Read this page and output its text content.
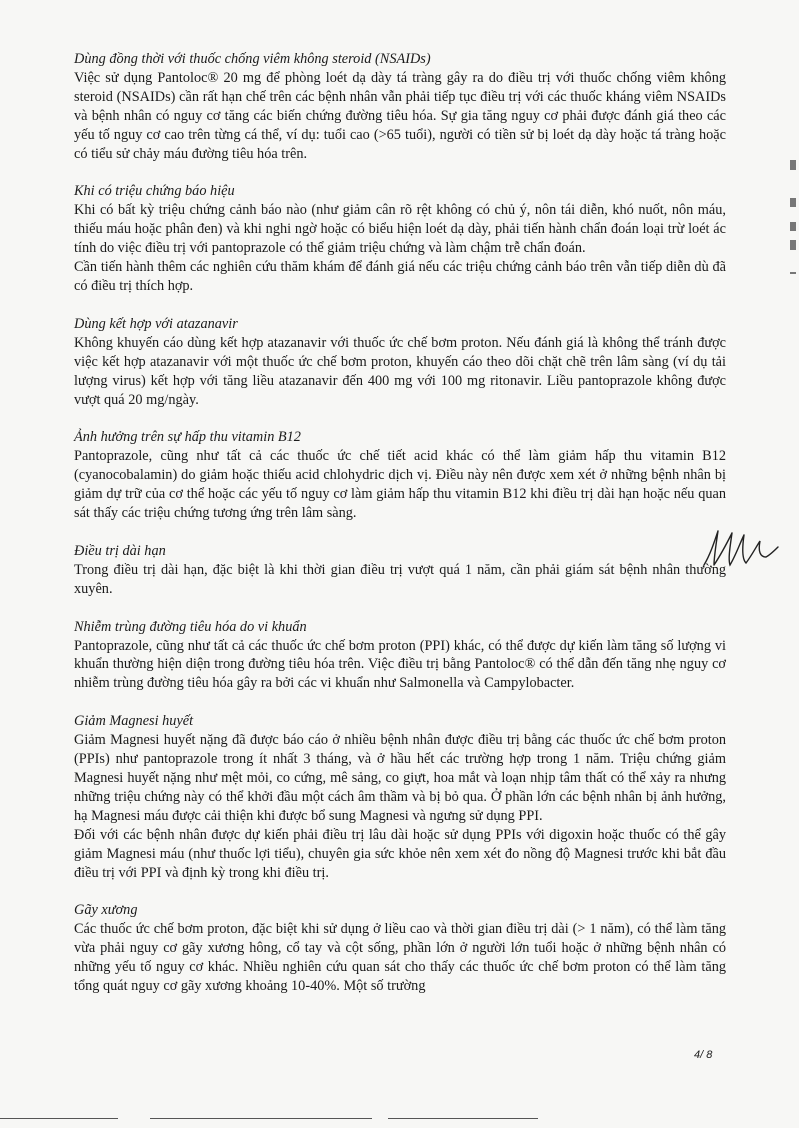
Dùng đồng thời với thuốc chống viêm không steroid (NSAIDs)
Việc sử dụng Pantoloc® 20 mg để phòng loét dạ dày tá tràng gây ra do điều trị với thuốc chống viêm không steroid (NSAIDs) cần rất hạn chế trên các bệnh nhân vẫn phải tiếp tục điều trị với các thuốc kháng viêm NSAIDs và bệnh nhân có nguy cơ tăng các biến chứng đường tiêu hóa. Sự gia tăng nguy cơ phải được đánh giá theo các yếu tố nguy cơ cao trên từng cá thể, ví dụ: tuổi cao (>65 tuổi), người có tiền sử bị loét dạ dày hoặc tá tràng hoặc có tiểu sử chảy máu đường tiêu hóa trên.
Khi có triệu chứng báo hiệu
Khi có bất kỳ triệu chứng cảnh báo nào (như giảm cân rõ rệt không có chủ ý, nôn tái diễn, khó nuốt, nôn máu, thiếu máu hoặc phân đen) và khi nghi ngờ hoặc có biểu hiện loét dạ dày, phải tiến hành chẩn đoán loại trừ loét ác tính do việc điều trị với pantoprazole có thể giảm triệu chứng và làm chậm trễ chẩn đoán.
Cần tiến hành thêm các nghiên cứu thăm khám để đánh giá nếu các triệu chứng cảnh báo trên vẫn tiếp diễn dù đã có điều trị thích hợp.
Dùng kết hợp với atazanavir
Không khuyến cáo dùng kết hợp atazanavir với thuốc ức chế bơm proton. Nếu đánh giá là không thể tránh được việc kết hợp atazanavir với một thuốc ức chế bơm proton, khuyến cáo theo dõi chặt chẽ trên lâm sàng (ví dụ tải lượng virus) kết hợp với tăng liều atazanavir đến 400 mg với 100 mg ritonavir. Liều pantoprazole không được vượt quá 20 mg/ngày.
Ảnh hưởng trên sự hấp thu vitamin B12
Pantoprazole, cũng như tất cả các thuốc ức chế tiết acid khác có thể làm giảm hấp thu vitamin B12 (cyanocobalamin) do giảm hoặc thiếu acid chlohydric dịch vị. Điều này nên được xem xét ở những bệnh nhân bị giảm dự trữ của cơ thể hoặc các yếu tố nguy cơ làm giảm hấp thu vitamin B12 khi điều trị dài hạn hoặc nếu quan sát thấy các triệu chứng tương ứng trên lâm sàng.
Điều trị dài hạn
Trong điều trị dài hạn, đặc biệt là khi thời gian điều trị vượt quá 1 năm, cần phải giám sát bệnh nhân thường xuyên.
Nhiễm trùng đường tiêu hóa do vi khuẩn
Pantoprazole, cũng như tất cả các thuốc ức chế bơm proton (PPI) khác, có thể được dự kiến làm tăng số lượng vi khuẩn thường hiện diện trong đường tiêu hóa trên. Việc điều trị bằng Pantoloc® có thể dẫn đến tăng nhẹ nguy cơ nhiễm trùng đường tiêu hóa gây ra bởi các vi khuẩn như Salmonella và Campylobacter.
Giảm Magnesi huyết
Giảm Magnesi huyết nặng đã được báo cáo ở nhiều bệnh nhân được điều trị bằng các thuốc ức chế bơm proton (PPIs) như pantoprazole trong ít nhất 3 tháng, và ở hầu hết các trường hợp trong 1 năm. Triệu chứng giảm Magnesi huyết nặng như mệt mỏi, co cứng, mê sảng, co giựt, hoa mắt và loạn nhịp tâm thất có thể xảy ra nhưng những triệu chứng này có thể khởi đầu một cách âm thầm và bị bỏ qua. Ở phần lớn các bệnh nhân bị ảnh hưởng, hạ Magnesi máu được cải thiện khi được bổ sung Magnesi và ngưng sử dụng PPI.
Đối với các bệnh nhân được dự kiến phải điều trị lâu dài hoặc sử dụng PPIs với digoxin hoặc thuốc có thể gây giảm Magnesi máu (như thuốc lợi tiểu), chuyên gia sức khỏe nên xem xét đo nồng độ Magnesi trước khi bắt đầu điều trị với PPI và định kỳ trong khi điều trị.
Gãy xương
Các thuốc ức chế bơm proton, đặc biệt khi sử dụng ở liều cao và thời gian điều trị dài (> 1 năm), có thể làm tăng vừa phải nguy cơ gãy xương hông, cổ tay và cột sống, phần lớn ở người lớn tuổi hoặc ở những bệnh nhân có những yếu tố nguy cơ khác. Nhiều nghiên cứu quan sát cho thấy các thuốc ức chế bơm proton có thể làm tăng tổng quát nguy cơ gãy xương khoảng 10-40%. Một số trường
4/ 8
